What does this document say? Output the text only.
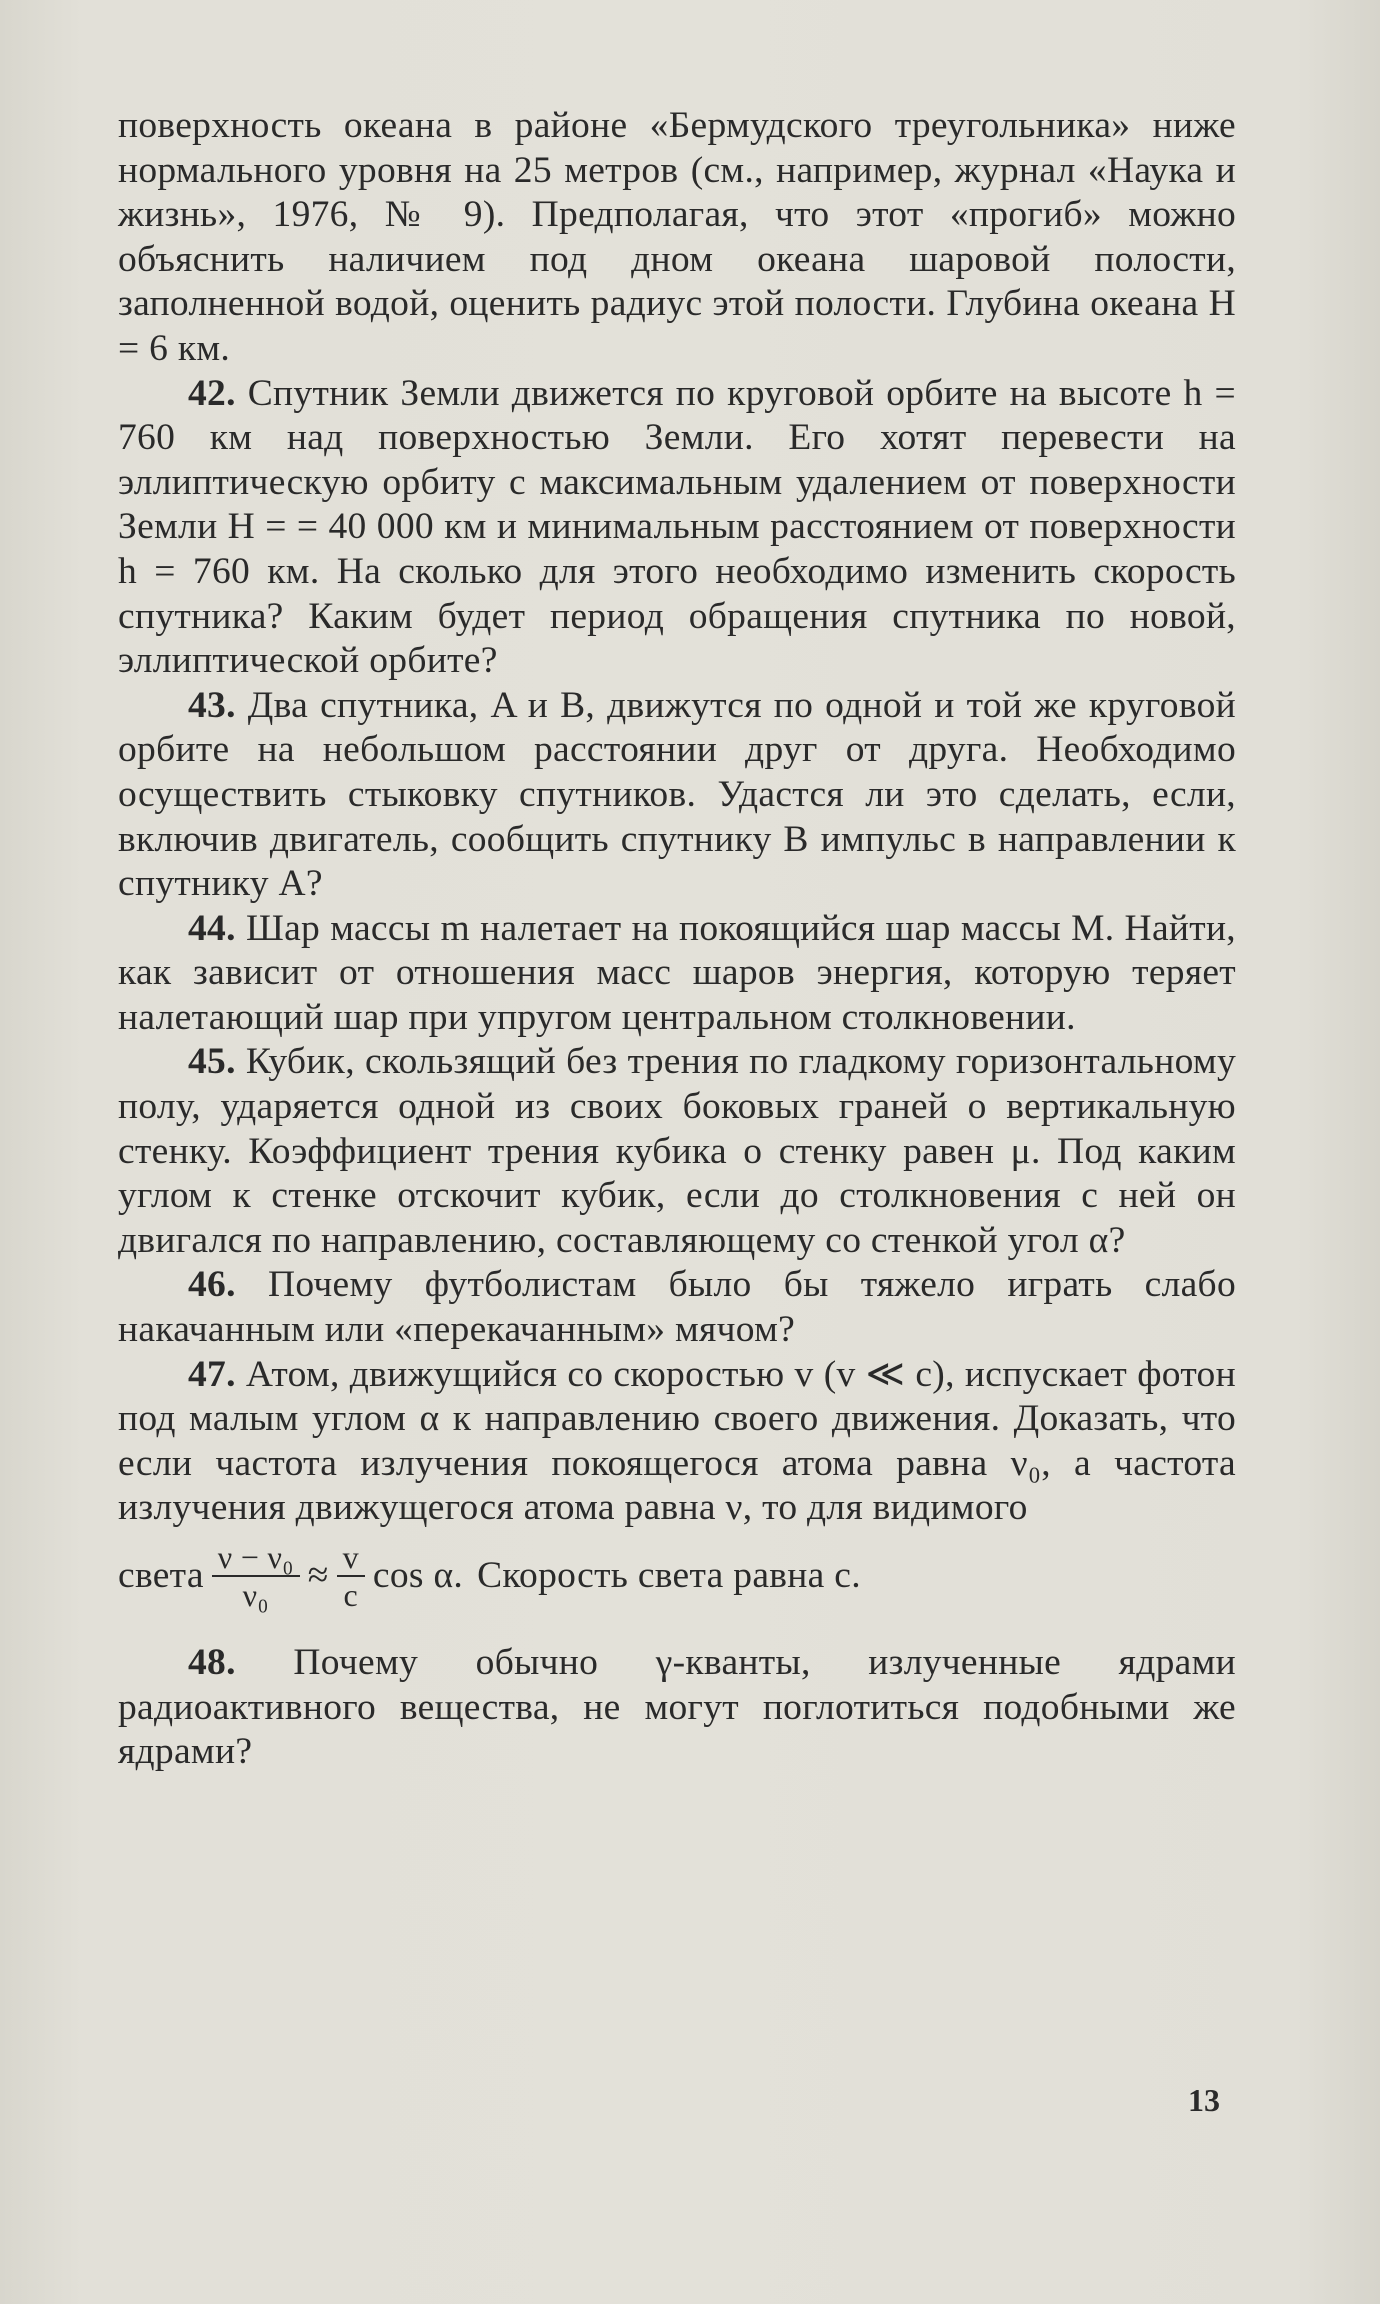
поверхность океана в районе «Бермудского треугольника» ниже нормального уровня на 25 метров (см., например, журнал «Наука и жизнь», 1976, № 9). Предполагая, что этот «прогиб» можно объяснить наличием под дном океана шаровой полости, заполненной водой, оценить радиус этой полости. Глубина океана H = 6 км.

42. Спутник Земли движется по круговой орбите на высоте h = 760 км над поверхностью Земли. Его хотят перевести на эллиптическую орбиту с максимальным удалением от поверхности Земли H = = 40 000 км и минимальным расстоянием от поверхности h = 760 км. На сколько для этого необходимо изменить скорость спутника? Каким будет период обращения спутника по новой, эллиптической орбите?

43. Два спутника, A и B, движутся по одной и той же круговой орбите на небольшом расстоянии друг от друга. Необходимо осуществить стыковку спутников. Удастся ли это сделать, если, включив двигатель, сообщить спутнику B импульс в направлении к спутнику A?

44. Шар массы m налетает на покоящийся шар массы M. Найти, как зависит от отношения масс шаров энергия, которую теряет налетающий шар при упругом центральном столкновении.

45. Кубик, скользящий без трения по гладкому горизонтальному полу, ударяется одной из своих боковых граней о вертикальную стенку. Коэффициент трения кубика о стенку равен μ. Под каким углом к стенке отскочит кубик, если до столкновения с ней он двигался по направлению, составляющему со стенкой угол α?

46. Почему футболистам было бы тяжело играть слабо накачанным или «перекачанным» мячом?

47. Атом, движущийся со скоростью v (v ≪ c), испускает фотон под малым углом α к направлению своего движения. Доказать, что если частота излучения покоящегося атома равна ν₀, а частота излучения движущегося атома равна ν, то для видимого

света $\frac{\text{ν − ν₀}}{\text{ν₀}} \approx \frac{v}{c}$ cos α. Скорость света равна c.

48. Почему обычно γ-кванты, излученные ядрами радиоактивного вещества, не могут поглотиться подобными же ядрами?

13
